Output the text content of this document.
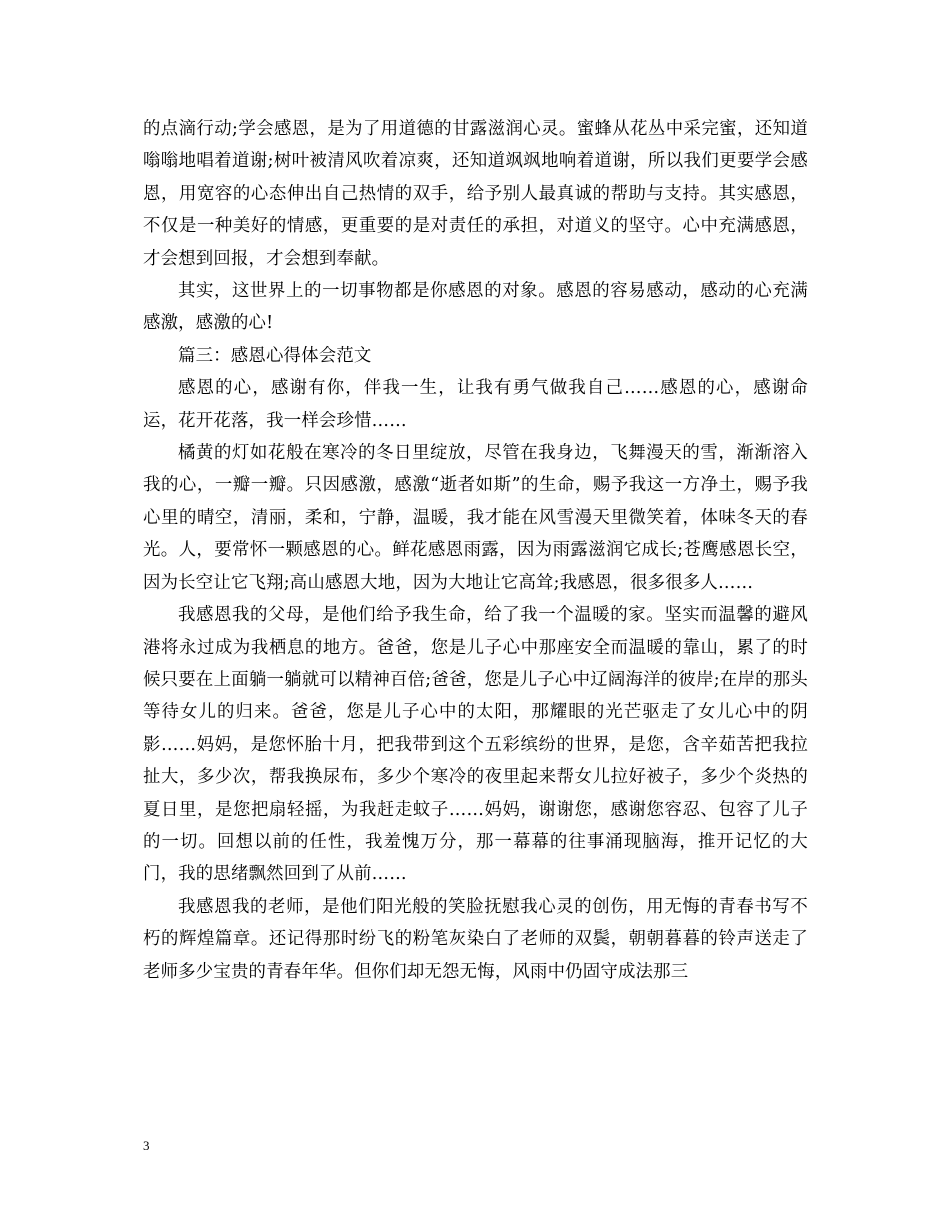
的点滴行动;学会感恩，是为了用道德的甘露滋润心灵。蜜蜂从花丛中采完蜜，还知道嗡嗡地唱着道谢;树叶被清风吹着凉爽，还知道飒飒地响着道谢，所以我们更要学会感恩，用宽容的心态伸出自己热情的双手，给予别人最真诚的帮助与支持。其实感恩，不仅是一种美好的情感，更重要的是对责任的承担，对道义的坚守。心中充满感恩，才会想到回报，才会想到奉献。

其实，这世界上的一切事物都是你感恩的对象。感恩的容易感动，感动的心充满感激，感激的心!

篇三：感恩心得体会范文

感恩的心，感谢有你，伴我一生，让我有勇气做我自己……感恩的心，感谢命运，花开花落，我一样会珍惜……

橘黄的灯如花般在寒冷的冬日里绽放，尽管在我身边，飞舞漫天的雪，渐渐溶入我的心，一瓣一瓣。只因感激，感激“逝者如斯”的生命，赐予我这一方净土，赐予我心里的晴空，清丽，柔和，宁静，温暖，我才能在风雪漫天里微笑着，体味冬天的春光。人，要常怀一颗感恩的心。鲜花感恩雨露，因为雨露滋润它成长;苍鹰感恩长空，因为长空让它飞翔;高山感恩大地，因为大地让它高耸;我感恩，很多很多人……

我感恩我的父母，是他们给予我生命，给了我一个温暖的家。坚实而温馨的避风港将永过成为我栖息的地方。爸爸，您是儿子心中那座安全而温暖的靠山，累了的时候只要在上面躺一躺就可以精神百倍;爸爸，您是儿子心中辽阔海洋的彼岸;在岸的那头等待女儿的归来。爸爸，您是儿子心中的太阳，那耀眼的光芒驱走了女儿心中的阴影……妈妈，是您怀胎十月，把我带到这个五彩缤纷的世界，是您，含辛茹苦把我拉扯大，多少次，帮我换尿布，多少个寒冷的夜里起来帮女儿拉好被子，多少个炎热的夏日里，是您把扇轻摇，为我赶走蚊子……妈妈，谢谢您，感谢您容忍、包容了儿子的一切。回想以前的任性，我羞愧万分，那一幕幕的往事涌现脑海，推开记忆的大门，我的思绪飘然回到了从前……

我感恩我的老师，是他们阳光般的笑脸抚慰我心灵的创伤，用无悔的青春书写不朽的辉煌篇章。还记得那时纷飞的粉笔灰染白了老师的双鬓，朝朝暮暮的铃声送走了老师多少宝贵的青春年华。但你们却无怨无悔，风雨中仍固守成法那三

3
